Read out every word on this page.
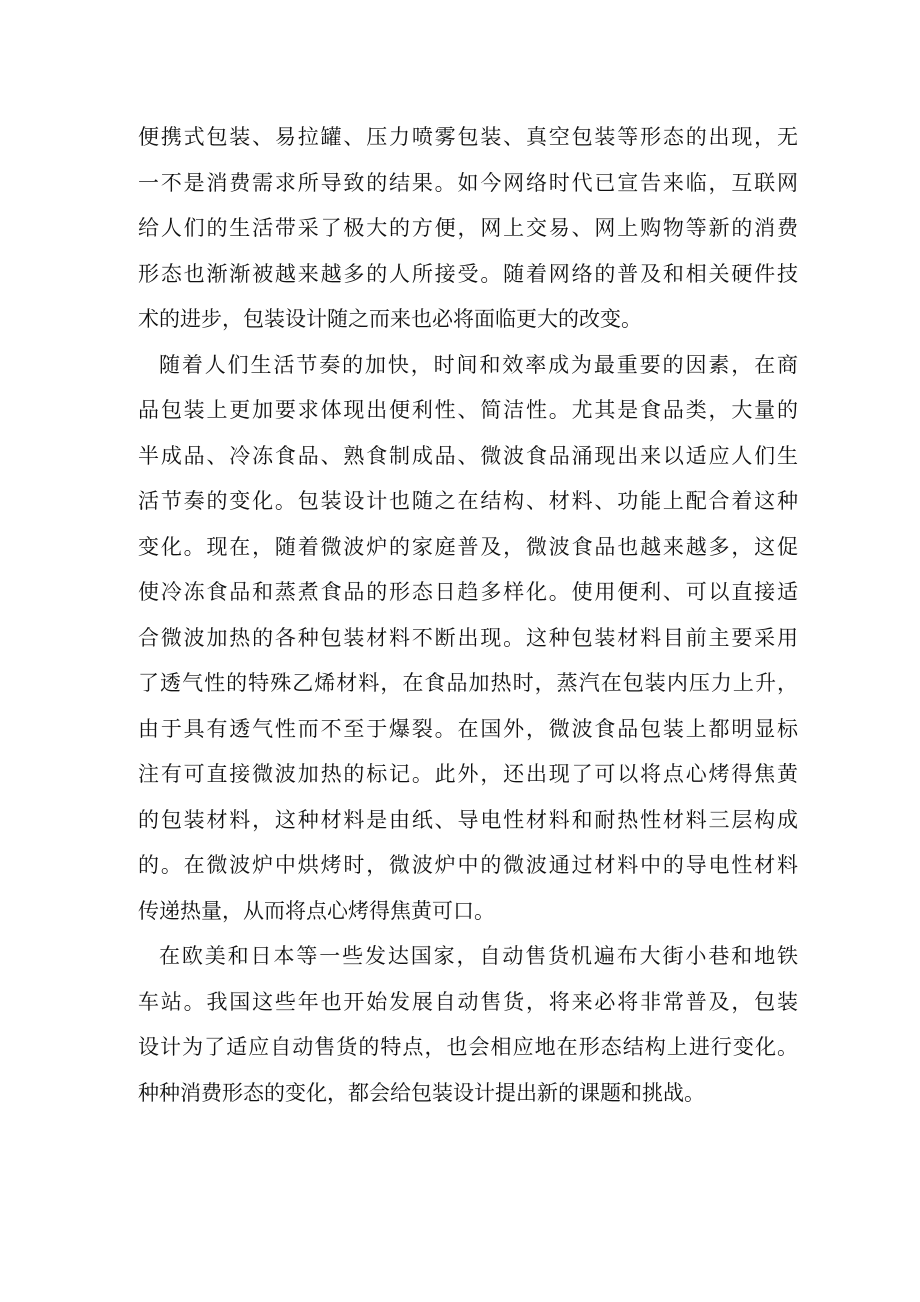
便携式包装、易拉罐、压力喷雾包装、真空包装等形态的出现，无
一不是消费需求所导致的结果。如今网络时代已宣告来临，互联网
给人们的生活带采了极大的方便，网上交易、网上购物等新的消费
形态也渐渐被越来越多的人所接受。随着网络的普及和相关硬件技
术的进步，包装设计随之而来也必将面临更大的改变。
随着人们生活节奏的加快，时间和效率成为最重要的因素，在商
品包装上更加要求体现出便利性、简洁性。尤其是食品类，大量的
半成品、冷冻食品、熟食制成品、微波食品涌现出来以适应人们生
活节奏的变化。包装设计也随之在结构、材料、功能上配合着这种
变化。现在，随着微波炉的家庭普及，微波食品也越来越多，这促
使冷冻食品和蒸煮食品的形态日趋多样化。使用便利、可以直接适
合微波加热的各种包装材料不断出现。这种包装材料目前主要采用
了透气性的特殊乙烯材料，在食品加热时，蒸汽在包装内压力上升，
由于具有透气性而不至于爆裂。在国外，微波食品包装上都明显标
注有可直接微波加热的标记。此外，还出现了可以将点心烤得焦黄
的包装材料，这种材料是由纸、导电性材料和耐热性材料三层构成
的。在微波炉中烘烤时，微波炉中的微波通过材料中的导电性材料
传递热量，从而将点心烤得焦黄可口。
在欧美和日本等一些发达国家，自动售货机遍布大街小巷和地铁
车站。我国这些年也开始发展自动售货，将来必将非常普及，包装
设计为了适应自动售货的特点，也会相应地在形态结构上进行变化。
种种消费形态的变化，都会给包装设计提出新的课题和挑战。
